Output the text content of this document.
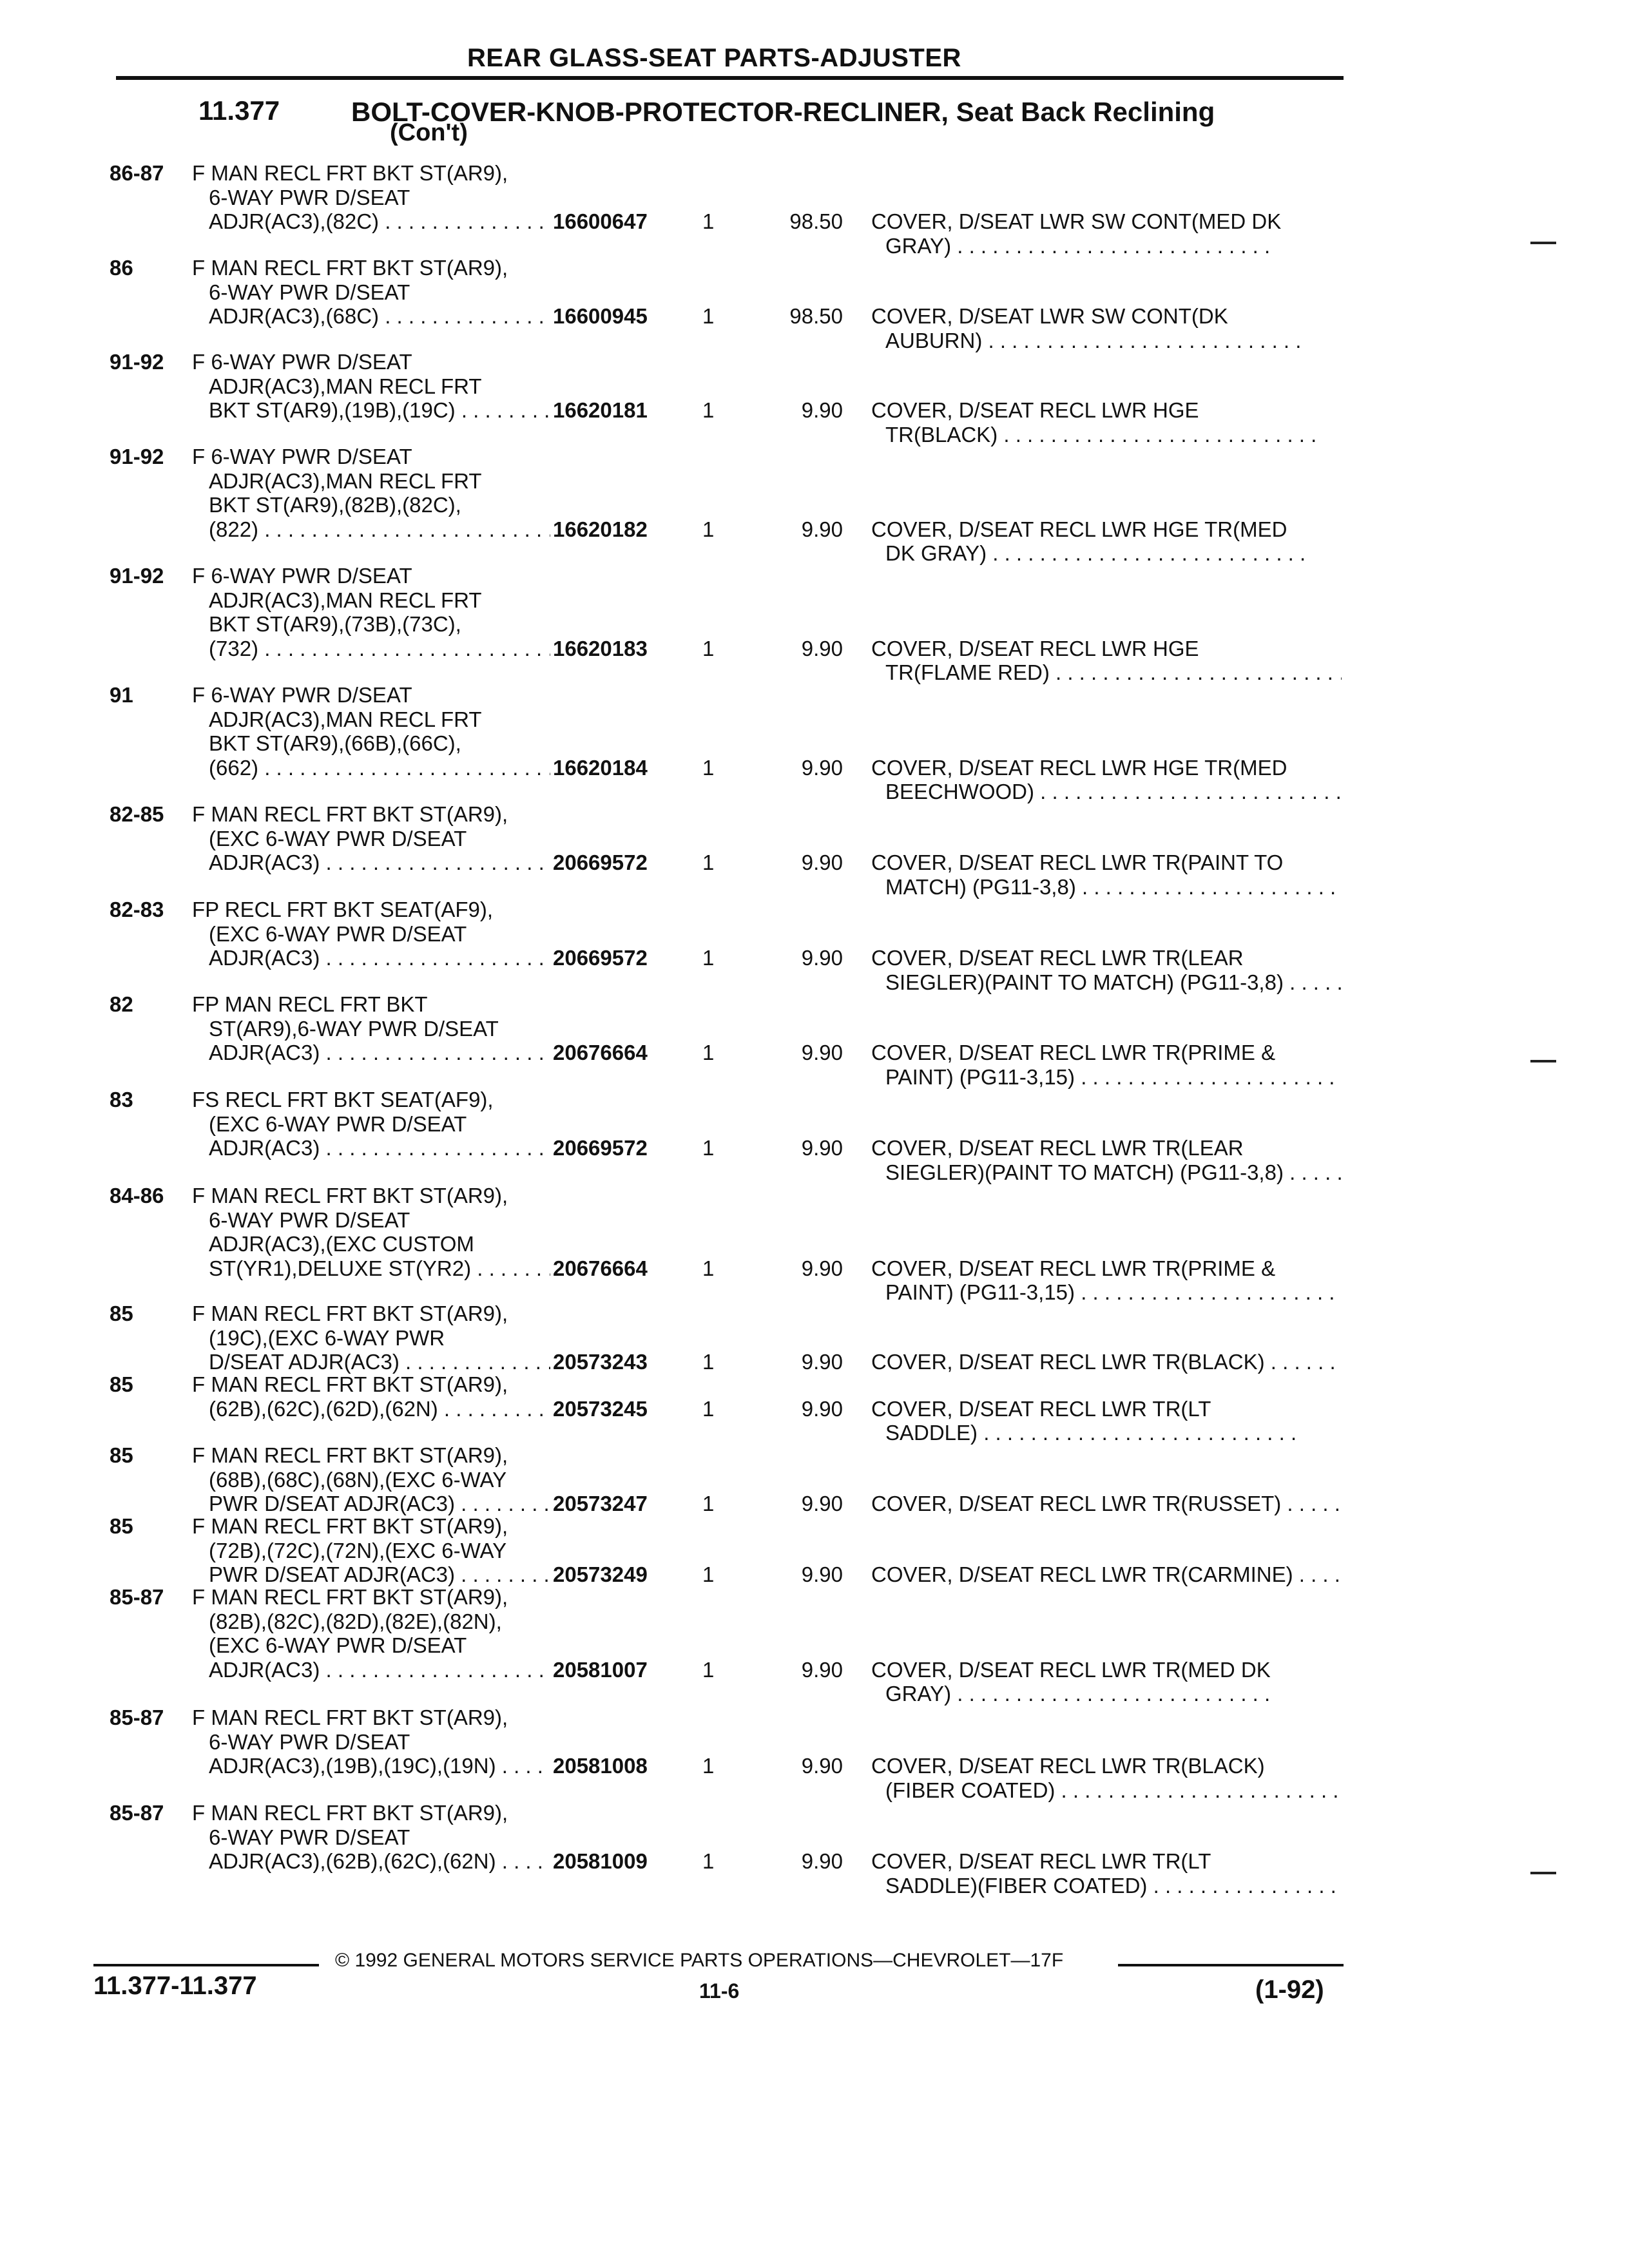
REAR GLASS-SEAT PARTS-ADJUSTER
11.377	BOLT-COVER-KNOB-PROTECTOR-RECLINER, Seat Back Reclining
(Con't)
86-87	F MAN RECL FRT BKT ST(AR9),
6-WAY PWR D/SEAT
ADJR(AC3),(82C) . . .	16600647	1	98.50 COVER, D/SEAT LWR SW CONT(MED DK
GRAY) . . .
86	F MAN RECL FRT BKT ST(AR9),
6-WAY PWR D/SEAT
ADJR(AC3),(68C) . . .	16600945	1	98.50 COVER, D/SEAT LWR SW CONT(DK
AUBURN) . . .
91-92	F 6-WAY PWR D/SEAT
ADJR(AC3),MAN RECL FRT
BKT ST(AR9),(19B),(19C) . . .	16620181	1	9.90 COVER, D/SEAT RECL LWR HGE
TR(BLACK) . . .
91-92	F 6-WAY PWR D/SEAT
ADJR(AC3),MAN RECL FRT
BKT ST(AR9),(82B),(82C),
(822) . . .	16620182	1	9.90 COVER, D/SEAT RECL LWR HGE TR(MED
DK GRAY) . . .
91-92	F 6-WAY PWR D/SEAT
ADJR(AC3),MAN RECL FRT
BKT ST(AR9),(73B),(73C),
(732) . . .	16620183	1	9.90 COVER, D/SEAT RECL LWR HGE
TR(FLAME RED) . . .
91	F 6-WAY PWR D/SEAT
ADJR(AC3),MAN RECL FRT
BKT ST(AR9),(66B),(66C),
(662) . . .	16620184	1	9.90 COVER, D/SEAT RECL LWR HGE TR(MED
BEECHWOOD) . . .
82-85	F MAN RECL FRT BKT ST(AR9),
(EXC 6-WAY PWR D/SEAT
ADJR(AC3) . . .	20669572	1	9.90 COVER, D/SEAT RECL LWR TR(PAINT TO
MATCH) (PG11-3,8) . . .
82-83	FP RECL FRT BKT SEAT(AF9),
(EXC 6-WAY PWR D/SEAT
ADJR(AC3) . . .	20669572	1	9.90 COVER, D/SEAT RECL LWR TR(LEAR
SIEGLER)(PAINT TO MATCH) (PG11-3,8) . . .
82	FP MAN RECL FRT BKT
ST(AR9),6-WAY PWR D/SEAT
ADJR(AC3) . . .	20676664	1	9.90 COVER, D/SEAT RECL LWR TR(PRIME &
PAINT) (PG11-3,15) . . .
83	FS RECL FRT BKT SEAT(AF9),
(EXC 6-WAY PWR D/SEAT
ADJR(AC3) . . .	20669572	1	9.90 COVER, D/SEAT RECL LWR TR(LEAR
SIEGLER)(PAINT TO MATCH) (PG11-3,8) . . .
84-86	F MAN RECL FRT BKT ST(AR9),
6-WAY PWR D/SEAT
ADJR(AC3),(EXC CUSTOM
ST(YR1),DELUXE ST(YR2) . . .	20676664	1	9.90 COVER, D/SEAT RECL LWR TR(PRIME &
PAINT) (PG11-3,15) . . .
85	F MAN RECL FRT BKT ST(AR9),
(19C),(EXC 6-WAY PWR
D/SEAT ADJR(AC3) . . .	20573243	1	9.90 COVER, D/SEAT RECL LWR TR(BLACK) . . .
85	F MAN RECL FRT BKT ST(AR9),
(62B),(62C),(62D),(62N) . . .	20573245	1	9.90 COVER, D/SEAT RECL LWR TR(LT
SADDLE) . . .
85	F MAN RECL FRT BKT ST(AR9),
(68B),(68C),(68N),(EXC 6-WAY
PWR D/SEAT ADJR(AC3) . . .	20573247	1	9.90 COVER, D/SEAT RECL LWR TR(RUSSET) . . .
85	F MAN RECL FRT BKT ST(AR9),
(72B),(72C),(72N),(EXC 6-WAY
PWR D/SEAT ADJR(AC3) . . .	20573249	1	9.90 COVER, D/SEAT RECL LWR TR(CARMINE) . . .
85-87	F MAN RECL FRT BKT ST(AR9),
(82B),(82C),(82D),(82E),(82N),
(EXC 6-WAY PWR D/SEAT
ADJR(AC3) . . .	20581007	1	9.90 COVER, D/SEAT RECL LWR TR(MED DK
GRAY) . . .
85-87	F MAN RECL FRT BKT ST(AR9),
6-WAY PWR D/SEAT
ADJR(AC3),(19B),(19C),(19N) . . .	20581008	1	9.90 COVER, D/SEAT RECL LWR TR(BLACK)
(FIBER COATED) . . .
85-87	F MAN RECL FRT BKT ST(AR9),
6-WAY PWR D/SEAT
ADJR(AC3),(62B),(62C),(62N) . . .	20581009	1	9.90 COVER, D/SEAT RECL LWR TR(LT
SADDLE)(FIBER COATED) . . .
© 1992 GENERAL MOTORS SERVICE PARTS OPERATIONS—CHEVROLET—17F
11.377-11.377	11-6	(1-92)
